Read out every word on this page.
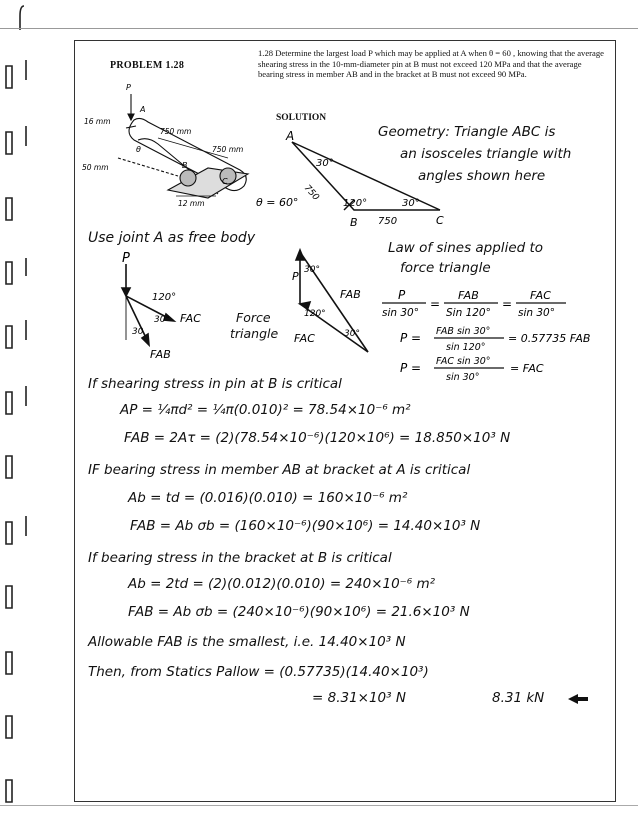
PROBLEM 1.28
1.28 Determine the largest load P which may be applied at A when θ = 60 , knowing that the average shearing stress in the 10-mm-diameter pin at B must not exceed 120 MPa and that the average bearing stress in member AB and in the bracket at B must not exceed 90 MPa.
SOLUTION
P
A
θ
B
C
16 mm
750 mm
750 mm
50 mm
12 mm
A
B	C
30°
120°	30°
750
750
θ = 60°
Geometry: Triangle ABC is
an isosceles triangle with
angles shown here
Use joint A as free body
P
120°
30°
30
FAC
FAB
Force
triangle
P 30°
120°
30°
FAB
FAC
Law of sines applied to
force triangle
P
sin 30°
=
FAB
Sin 120°
=
FAC
sin 30°
P = FAB sin 30°
sin 120°
= 0.57735 FAB
P = FAC sin 30°
sin 30°
= FAC
If shearing stress in pin at B is critical
AP = ¼πd² = ¼π(0.010)² = 78.54×10⁻⁶ m²
FAB = 2Aτ = (2)(78.54×10⁻⁶)(120×10⁶) = 18.850×10³ N
IF bearing stress in member AB at bracket at A is critical
Ab = td = (0.016)(0.010) = 160×10⁻⁶ m²
FAB = Ab σb = (160×10⁻⁶)(90×10⁶) = 14.40×10³ N
If bearing stress in the bracket at B is critical
Ab = 2td = (2)(0.012)(0.010) = 240×10⁻⁶ m²
FAB = Ab σb = (240×10⁻⁶)(90×10⁶) = 21.6×10³ N
Allowable FAB is the smallest, i.e. 14.40×10³ N
Then, from Statics Pallow = (0.57735)(14.40×10³)
= 8.31×10³ N	8.31 kN
